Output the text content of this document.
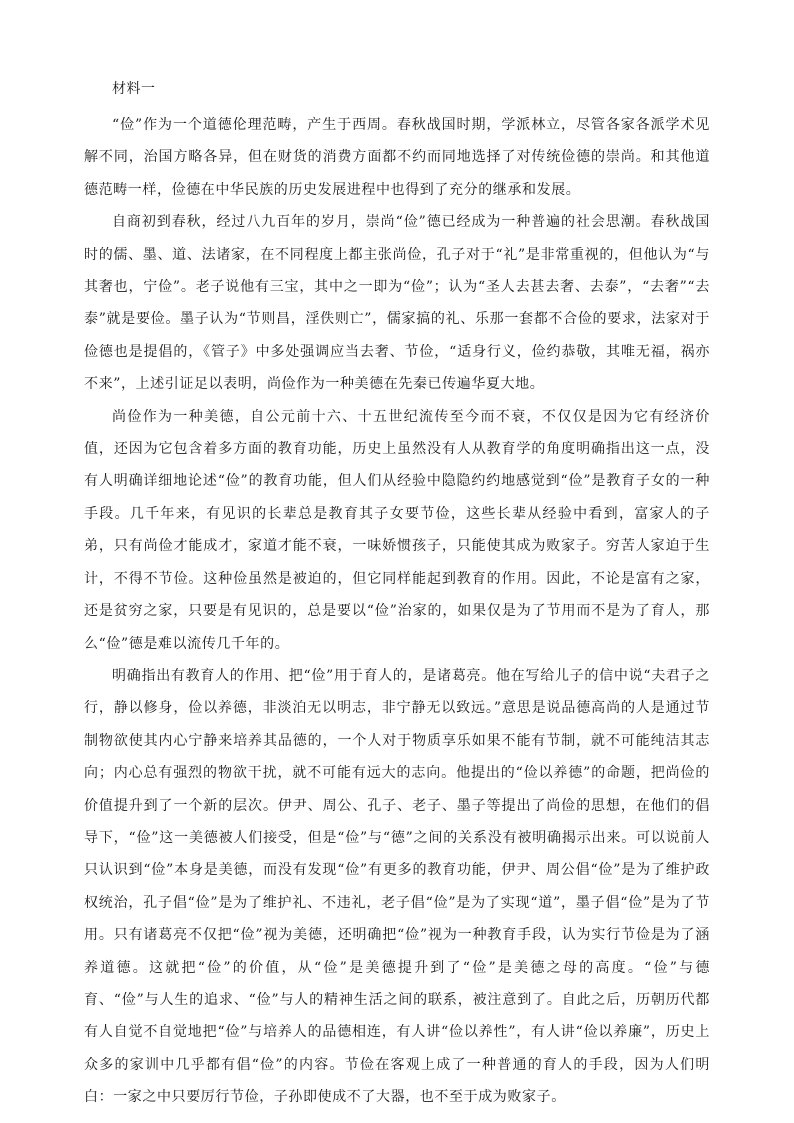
材料一

“俭”作为一个道德伦理范畴，产生于西周。春秋战国时期，学派林立，尽管各家各派学术见解不同，治国方略各异，但在财货的消费方面都不约而同地选择了对传统俭德的崇尚。和其他道德范畴一样，俭德在中华民族的历史发展进程中也得到了充分的继承和发展。

自商初到春秋，经过八九百年的岁月，崇尚“俭”德已经成为一种普遍的社会思潮。春秋战国时的儒、墨、道、法诸家，在不同程度上都主张尚俭，孔子对于“礼”是非常重视的，但他认为“与其奢也，宁俭”。老子说他有三宝，其中之一即为“俭”；认为“圣人去甚去奢、去泰”，“去奢”“去泰”就是要俭。墨子认为“节则昌，淫佚则亡”，儒家搞的礼、乐那一套都不合俭的要求，法家对于俭德也是提倡的，《管子》中多处强调应当去奢、节俭，“适身行义，俭约恭敬，其唯无福，祸亦不来”，上述引证足以表明，尚俭作为一种美德在先秦已传遍华夏大地。

尚俭作为一种美德，自公元前十六、十五世纪流传至今而不衰，不仅仅是因为它有经济价值，还因为它包含着多方面的教育功能，历史上虽然没有人从教育学的角度明确指出这一点，没有人明确详细地论述“俭”的教育功能，但人们从经验中隐隐约约地感觉到“俭”是教育子女的一种手段。几千年来，有见识的长辈总是教育其子女要节俭，这些长辈从经验中看到，富家人的子弟，只有尚俭才能成才，家道才能不衰，一味娇惯孩子，只能使其成为败家子。穷苦人家迫于生计，不得不节俭。这种俭虽然是被迫的，但它同样能起到教育的作用。因此，不论是富有之家，还是贫穷之家，只要是有见识的，总是要以“俭”治家的，如果仅是为了节用而不是为了育人，那么“俭”德是难以流传几千年的。

明确指出有教育人的作用、把“俭”用于育人的，是诸葛亮。他在写给儿子的信中说“夫君子之行，静以修身，俭以养德，非淡泊无以明志，非宁静无以致远。”意思是说品德高尚的人是通过节制物欲使其内心宁静来培养其品德的，一个人对于物质享乐如果不能有节制，就不可能纯洁其志向；内心总有强烈的物欲干扰，就不可能有远大的志向。他提出的“俭以养德”的命题，把尚俭的价值提升到了一个新的层次。伊尹、周公、孔子、老子、墨子等提出了尚俭的思想，在他们的倡导下，“俭”这一美德被人们接受，但是“俭”与“德”之间的关系没有被明确揭示出来。可以说前人只认识到“俭”本身是美德，而没有发现“俭”有更多的教育功能，伊尹、周公倡“俭”是为了维护政权统治，孔子倡“俭”是为了维护礼、不违礼，老子倡“俭”是为了实现“道”，墨子倡“俭”是为了节用。只有诸葛亮不仅把“俭”视为美德，还明确把“俭”视为一种教育手段，认为实行节俭是为了涵养道德。这就把“俭”的价值，从“俭”是美德提升到了“俭”是美德之母的高度。“俭”与德育、“俭”与人生的追求、“俭”与人的精神生活之间的联系，被注意到了。自此之后，历朝历代都有人自觉不自觉地把“俭”与培养人的品德相连，有人讲“俭以养性”，有人讲“俭以养廉”，历史上众多的家训中几乎都有倡“俭”的内容。节俭在客观上成了一种普通的育人的手段，因为人们明白：一家之中只要厉行节俭，子孙即使成不了大器，也不至于成为败家子。
